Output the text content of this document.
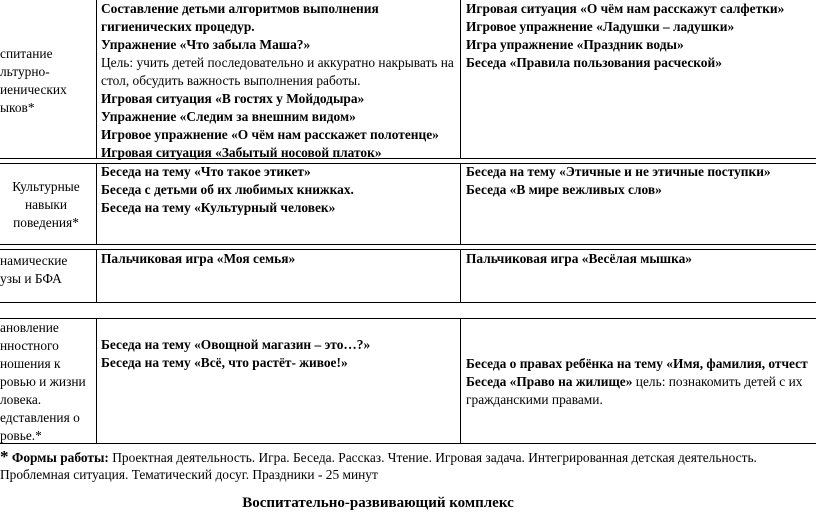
спитание
льтурно-
иенических
ыков*
Составление детьми алгоритмов выполнения
гигиенических процедур.
Упражнение «Что забыла Маша?»
Цель: учить детей последовательно и аккуратно накрывать на
стол, обсудить важность выполнения работы.
Игровая ситуация «В гостях у Мойдодыра»
Упражнение «Следим за внешним видом»
Игровое упражнение «О чём нам расскажет полотенце»
Игровая ситуация «Забытый носовой платок»
Игровая ситуация «О чём нам расскажут салфетки»
Игровое упражнение «Ладушки – ладушки»
Игра упражнение «Праздник воды»
Беседа «Правила пользования расческой»
Культурные
навыки
поведения*
Беседа на тему «Что такое этикет»
Беседа с детьми об их любимых книжках.
Беседа на тему «Культурный человек»
Беседа на тему «Этичные и не этичные поступки»
Беседа «В мире вежливых слов»
намические
узы и БФА
Пальчиковая игра «Моя семья»	Пальчиковая игра «Весёлая мышка»
ановление
нностного
ношения к
ровью и жизни
ловека.
едставления о
ровье.*
Беседа на тему «Овощной магазин – это…?»
Беседа на тему «Всё, что растёт- живое!»	Беседа о правах ребёнка на тему «Имя, фамилия, отчест
Беседа «Право на жилище» цель: познакомить детей с их
гражданскими правами.
* Формы работы: Проектная деятельность. Игра. Беседа. Рассказ. Чтение. Игровая задача. Интегрированная детская деятельность.
Проблемная ситуация. Тематический досуг. Праздники - 25 минут
Воспитательно-развивающий комплекс
